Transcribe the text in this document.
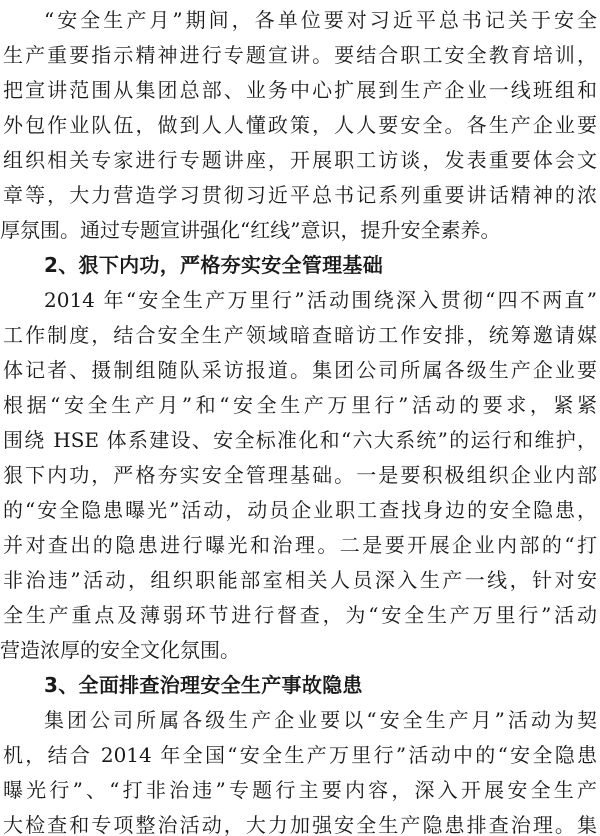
“安全生产月”期间，各单位要对习近平总书记关于安全
生产重要指示精神进行专题宣讲。要结合职工安全教育培训，
把宣讲范围从集团总部、业务中心扩展到生产企业一线班组和
外包作业队伍，做到人人懂政策，人人要安全。各生产企业要
组织相关专家进行专题讲座，开展职工访谈，发表重要体会文
章等，大力营造学习贯彻习近平总书记系列重要讲话精神的浓
厚氛围。通过专题宣讲强化“红线”意识，提升安全素养。
2、狠下内功，严格夯实安全管理基础
2014 年“安全生产万里行”活动围绕深入贯彻“四不两直”
工作制度，结合安全生产领域暗查暗访工作安排，统筹邀请媒
体记者、摄制组随队采访报道。集团公司所属各级生产企业要
根据“安全生产月”和“安全生产万里行”活动的要求，紧紧
围绕 HSE 体系建设、安全标准化和“六大系统”的运行和维护，
狠下内功，严格夯实安全管理基础。一是要积极组织企业内部
的“安全隐患曝光”活动，动员企业职工查找身边的安全隐患，
并对查出的隐患进行曝光和治理。二是要开展企业内部的“打
非治违”活动，组织职能部室相关人员深入生产一线，针对安
全生产重点及薄弱环节进行督查，为“安全生产万里行”活动
营造浓厚的安全文化氛围。
3、全面排查治理安全生产事故隐患
集团公司所属各级生产企业要以“安全生产月”活动为契
机，结合 2014 年全国“安全生产万里行”活动中的“安全隐患
曝光行”、“打非治违”专题行主要内容，深入开展安全生产
大检查和专项整治活动，大力加强安全生产隐患排查治理。集
